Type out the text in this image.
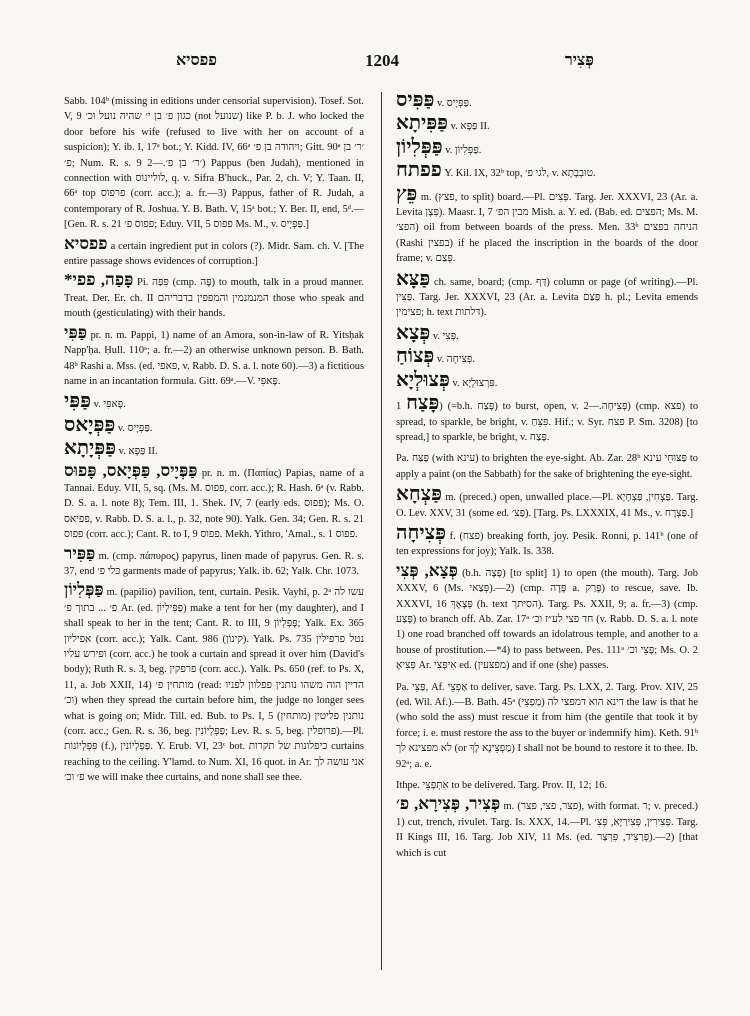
פפסיא	1204	פְּצִיר

Sabb. 104ᵇ (missing in editions under censorial supervision). Tosef. Sot. V, 9 כגון פ׳ בן י׳ שהיה נועל וכ׳ (not שנועל) like P. b. J. who locked the door before his wife (refused to live with her on account of a suspicion); Y. ib. I, 17ᵃ bot.; Y. Kidd. IV, 66ᵃ ויהודה בן פ׳; Gitt. 90ᵃ ׳ר׳ בן פ׳; Num. R. s. 9 ׳ר׳ בן פ׳.—2) Pappus (ben Judah), mentioned in connection with לוליינוס, q. v. Sifra B'huck., Par. 2, ch. V; Y. Taan. II, 66ᵃ top פרפוס (corr. acc.); a. fr.—3) Pappus, father of R. Judah, a contemporary of R. Joshua. Y. B. Bath. V, 15ᵃ bot.; Y. Ber. II, end, 5ᵈ.—[Gen. R. s. 21 פפוס פ׳; Eduy. VII, 5 פפוס Ms. M., v. פַּפְּיָיס.]

פפסיא a certain ingredient put in colors (?). Midr. Sam. ch. V. [The entire passage shows evidences of corruption.]

*פָּפַה, פפי Pi. פִּפַּה (cmp. פֶּה) to mouth, talk in a proud manner. Treat. Der. Er. ch. II המנמנמין והמפפין בדבריהם those who speak and mouth (gesticulating) with their hands.

פַּפִּי pr. n. m. Pappi, 1) name of an Amora, son-in-law of R. Yitsḥak Napp'ḥa. Ḥull. 110ᵃ; a. fr.—2) an otherwise unknown person. B. Bath. 48ᵇ Rashi a. Mss. (ed. פאפי, v. Rabb. D. S. a. l. note 60).—3) a fictitious name in an incantation formula. Gitt. 69ᵃ.—V. פָּאפִּי.

פַּפִּי v. פָּאפִּי.

פַּפְּיָאס v. פַּפְּיָיס.

פַּפְּיָתָא v. פַּפָּא II.

פַּפְּיָיס, פַּפְּיָאס, פָּפוּס pr. n. m. (Παπίας) Papias, name of a Tannai. Eduy. VII, 5, sq. (Ms. M. פפוס, corr. acc.); R. Hash. 6ᵃ (v. Rabb. D. S. a. l. note 8); Tem. III, 1. Shek. IV, 7 (early eds. פפוס); Ms. O. פפיאס, v. Rabb. D. S. a. l., p. 32, note 90). Yalk. Gen. 34; Gen. R. s. 21 פפוס (corr. acc.); Cant. R. to I, 9 פפוס. Mekh. Yithro, 'Amal., s. 1 פפוס.

פַּפִּיר m. (cmp. πάπυρος) papyrus, linen made of papyrus. Gen. R. s. 37, end כלי פ׳ garments made of papyrus; Yalk. ib. 62; Yalk. Chr. 1073.

פַּפְּלִיוֹן m. (papilio) pavilion, tent, curtain. Pesik. Vayhi, p. 2ᵃ עשו לה פ׳ ... בתוך פ׳ Ar. (ed. פַּפִּילְיוֹן) make a tent for her (my daughter), and I shall speak to her in the tent; Cant. R. to III, 9 פָּפְּלְיוֹן; Yalk. Ex. 365 אפיליון (corr. acc.); Yalk. Cant. 986 (קינוֹן). Yalk. Ps. 735 נטל פרפילין ופירש עליו (corr. acc.) he took a curtain and spread it over him (David's body); Ruth R. s. 3, beg. פרפקין (corr. acc.). Yalk. Ps. 650 (ref. to Ps. X, 11, a. Job XXII, 14) מותחין פ׳ (read: הדיין הוה משהו נותנין פפלוון לפניו וכ׳) when they spread the curtain before him, the judge no longer sees what is going on; Midr. Till. ed. Bub. to Ps. I, 5 (מותחין) נותנין פליטין (corr. acc.; Gen. R. s. 36, beg. פַּפְּלְיוֹנִין; Lev. R. s. 5, beg. פרופלין).—Pl. פִּפְּלְיוֹנוֹת (f.), פַּפְּלְיוֹנִין. Y. Erub. VI, 23ᶜ bot. כיפלונות של תקרות curtains reaching to the ceiling. Y'lamd. to Num. XI, 16 quot. in Ar. אני עושה לך פ׳ וכ׳ we will make thee curtains, and none shall see thee.

פַּפִּיס v. פַּפְּיָיס.

פַּפִּיתָא v. פַּפָּא II.

פַּפְּלִיוֹן v. פַּפְּלִיוֹן.

פפתח Y. Kil. IX, 32ᵇ top, לגי פ׳, v. טוּבְבָתָא.

פֵּץ m. (פצץ, to split) board.—Pl. פְּצִים. Targ. Jer. XXXVI, 23 (Ar. a. Levita פְּצָן). Maasr. I, 7 מבין הפ׳ Mish. a. Y. ed. (Bab. ed. הפצים; Ms. M. הפצ׳) oil from between boards of the press. Men. 33ᵇ הניחה בפצים (Rashi בפצין) if he placed the inscription in the boards of the door frame; v. פְּצַם.

פַּצָּא ch. same, board; (cmp. דַּף) column or page (of writing).—Pl. פַּצִּין. Targ. Jer. XXXVI, 23 (Ar. a. Levita פַּצַּם h. pl.; Levita emends פצימין; h. text דלתות).

פְּצָא v. פְּצִי.

פְּצוֹחַ v. פְּצִיחָה.

פְּצוּלְיָא v. פִּרְצוּלְיָא.

פָּצַח 1) (=b.h. פָּצַח) to burst, open, v. פְּצִיחָה.—2) (cmp. פצא) to spread, to sparkle, be bright, v. פִּצֵּחַ. Hif.; v. Syr. פצח P. Sm. 3208) [to spread,] to sparkle, be bright, v. פָּצַח.

Pa. פַּצַּח (with עינא) to brighten the eye-sight. Ab. Zar. 28ᵇ פַּצּוּחֵי עינא to apply a paint (on the Sabbath) for the sake of brightening the eye-sight.

פַּצְחָא m. (preced.) open, unwalled place.—Pl. פַּצְחִין, פַּצְחָיָא. Targ. O. Lev. XXV, 31 (some ed. פַּצ׳). [Targ. Ps. LXXXIX, 41 Ms., v. פַּצְרָח.]

פְּצִיחָה f. (פצח) breaking forth, joy. Pesik. Ronni, p. 141ᵇ (one of ten expressions for joy); Yalk. Is. 338.

פְּצָא, פְּצִי (b.h. פָּצָה) [to split] 1) to open (the mouth). Targ. Job XXXV, 6 (Ms. פְּצַאי).—2) (cmp. פָּדָה a. פָּרַק) to rescue, save. Ib. XXXVI, 16 פְּצָאָךְ (h. text הסיתך). Targ. Ps. XXII, 9; a. fr.—3) (cmp. פָּצַע) to branch off. Ab. Zar. 17ᵃ חד פצי לע״ז וכ׳ (v. Rabb. D. S. a. l. note 1) one road branched off towards an idolatrous temple, and another to a house of prostitution.—*4) to pass between. Pes. 111ᵃ פָּצֵי וכ׳; Ms. O. 2 פְּצִיאָ Ar. אִיפְּצִי ed. (מפצעין) and if one (she) passes.

Pa. פַּצֵּי, Af. אַפְצֵי to deliver, save. Targ. Ps. LXX, 2. Targ. Prov. XIV, 25 (ed. Wil. Af.).—B. Bath. 45ᵃ דינא הוא דמפצי לה (מַפְצֵי) the law is that he (who sold the ass) must rescue it from him (the gentile that took it by force; i. e. must restore the ass to the buyer or indemnify him). Keth. 91ᵇ לא מפצינא לך (or מַפְצֵינָא לָךְ) I shall not be bound to restore it to thee. Ib. 92ᵃ; a. e.

Ithpe. אִתְפְּצֵי to be delivered. Targ. Prov. II, 12; 16.

פְּצִיר, פְּצִירָא, פ׳ m. (פצר, פצי, פצר), with format. ר; v. preced.) 1) cut, trench, rivulet. Targ. Is. XXX, 14.—Pl. פְּצִירִין, פְּצִירַיָּא, פְּצִ׳. Targ. II Kings III, 16. Targ. Job XIV, 11 Ms. (ed. פְּרַצִיד, פִּרְצַר).—2) [that which is cut
